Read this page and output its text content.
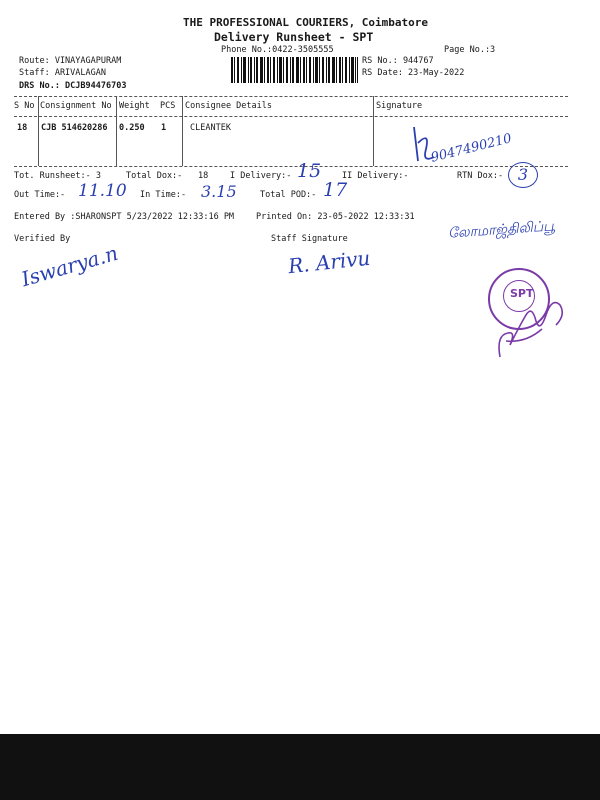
THE PROFESSIONAL COURIERS, Coimbatore
Delivery Runsheet - SPT
Phone No.:0422-3505555	Page No.:3
Route: VINAYAGAPURAM
Staff: ARIVALAGAN
DRS No.: DCJB94476703
RS No.: 944767
RS Date: 23-May-2022
S No Consignment No Weight PCS Consignee Details	Signature
18 CJB 514620286 0.250 1	CLEANTEK
9047490210
Tot. Runsheet:- 3	Total Dox:- 18	I Delivery:- 15 II Delivery:-	RTN Dox:- 3
Out Time:- 11.10 In Time:- 3.15	Total POD:- 17
Entered By :SHARONSPT 5/23/2022 12:33:16 PM	Printed On: 23-05-2022 12:33:31
Verified By	Staff Signature	லோமாஜ்திலிப்பூ
Iswarya.n	R. Arivu
SPT
